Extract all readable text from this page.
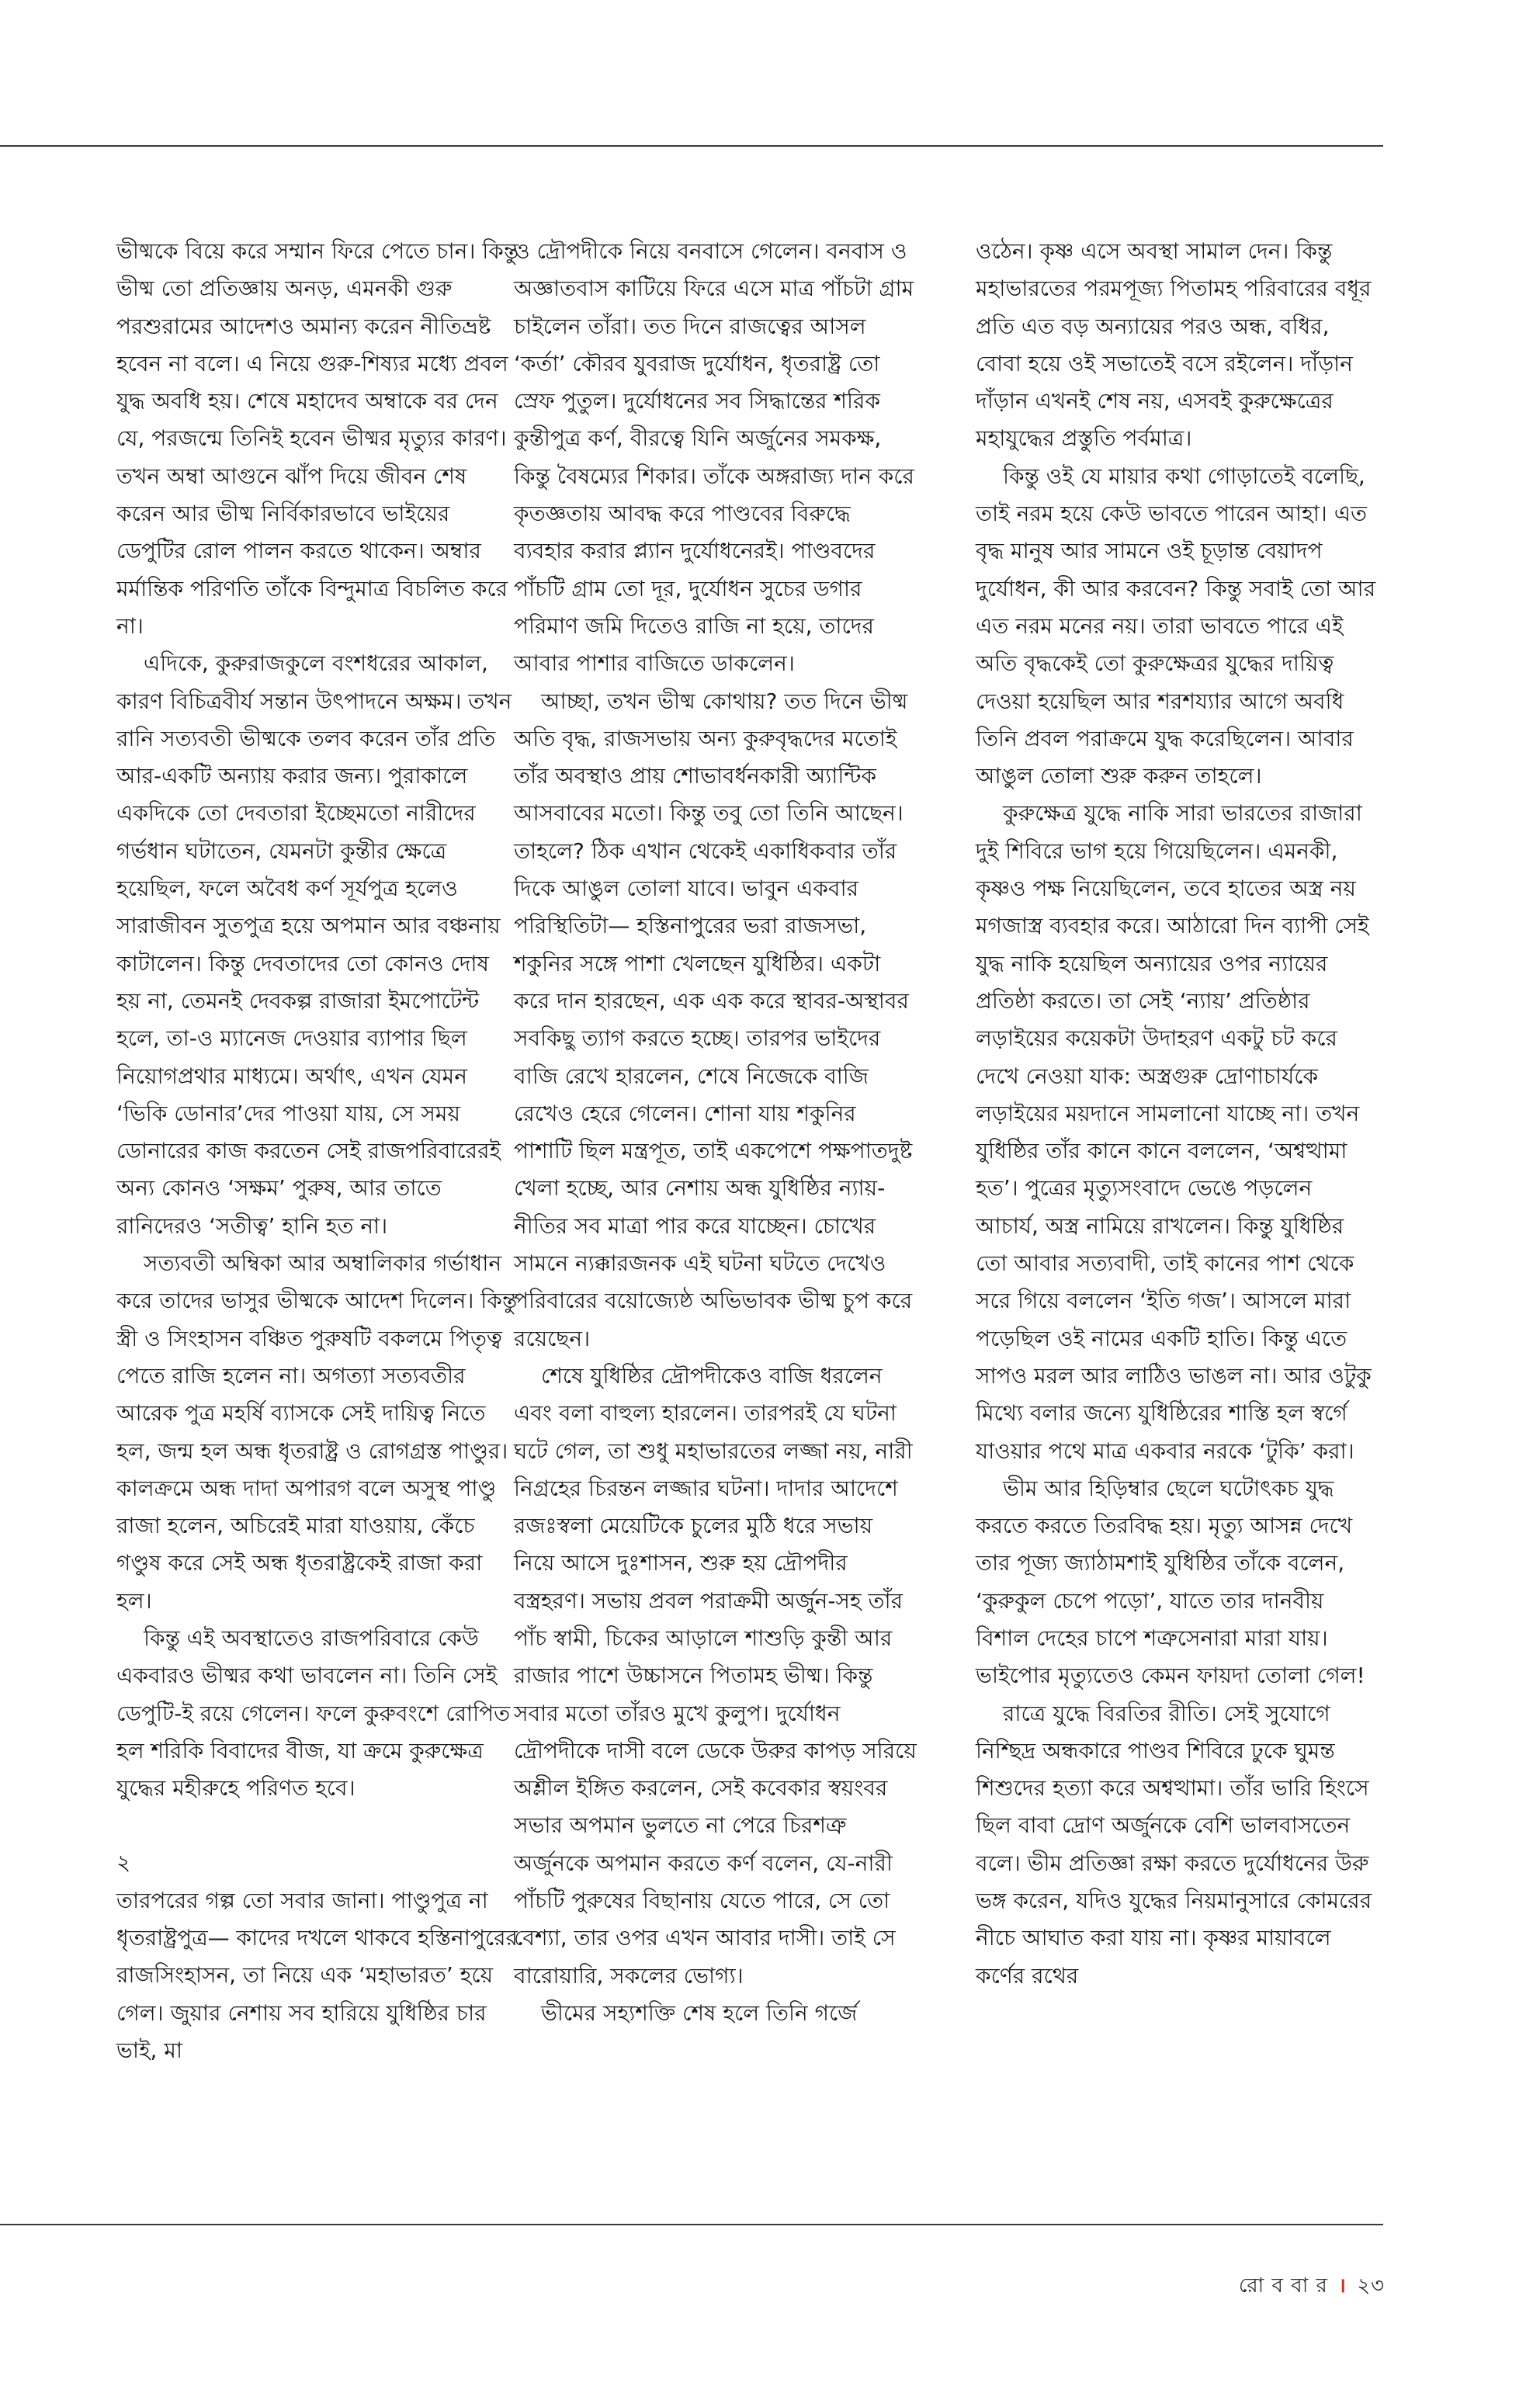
ভীষ্মকে বিয়ে করে সম্মান ফিরে পেতে চান। কিন্তু ভীষ্ম তো প্রতিজ্ঞায় অনড়, এমনকী গুরু পরশুরামের আদেশও অমান্য করেন নীতিভ্রষ্ট হবেন না বলে। এ নিয়ে গুরু-শিষ্যর মধ্যে প্রবল যুদ্ধ অবধি হয়। শেষে মহাদেব অম্বাকে বর দেন যে, পরজন্মে তিনিই হবেন ভীষ্মর মৃত্যুর কারণ। তখন অম্বা আগুনে ঝাঁপ দিয়ে জীবন শেষ করেন আর ভীষ্ম নির্বিকারভাবে ভাইয়ের ডেপুটির রোল পালন করতে থাকেন। অম্বার মর্মান্তিক পরিণতি তাঁকে বিন্দুমাত্র বিচলিত করে না।

এদিকে, কুরুরাজকুলে বংশধরের আকাল, কারণ বিচিত্রবীর্য সন্তান উৎপাদনে অক্ষম। তখন রানি সত্যবতী ভীষ্মকে তলব করেন তাঁর প্রতি আর-একটি অন্যায় করার জন্য। পুরাকালে একদিকে তো দেবতারা ইচ্ছেমতো নারীদের গর্ভধান ঘটাতেন, যেমনটা কুন্তীর ক্ষেত্রে হয়েছিল, ফলে অবৈধ কর্ণ সূর্যপুত্র হলেও সারাজীবন সুতপুত্র হয়ে অপমান আর বঞ্চনায় কাটালেন। কিন্তু দেবতাদের তো কোনও দোষ হয় না, তেমনই দেবকল্প রাজারা ইমপোটেন্ট হলে, তা-ও ম্যানেজ দেওয়ার ব্যাপার ছিল নিয়োগপ্রথার মাধ্যমে। অর্থাৎ, এখন যেমন ‘ভিকি ডোনার’দের পাওয়া যায়, সে সময় ডোনারের কাজ করতেন সেই রাজপরিবারেরই অন্য কোনও ‘সক্ষম’ পুরুষ, আর তাতে রানিদেরও ‘সতীত্ব’ হানি হত না।

সত্যবতী অম্বিকা আর অম্বালিকার গর্ভাধান করে তাদের ভাসুর ভীষ্মকে আদেশ দিলেন। কিন্তু স্ত্রী ও সিংহাসন বঞ্চিত পুরুষটি বকলমে পিতৃত্ব পেতে রাজি হলেন না। অগত্যা সত্যবতীর আরেক পুত্র মহর্ষি ব্যাসকে সেই দায়িত্ব নিতে হল, জন্ম হল অন্ধ ধৃতরাষ্ট্র ও রোগগ্রস্ত পাণ্ডুর। কালক্রমে অন্ধ দাদা অপারগ বলে অসুস্থ পাণ্ডু রাজা হলেন, অচিরেই মারা যাওয়ায়, কেঁচে গণ্ডুষ করে সেই অন্ধ ধৃতরাষ্ট্রকেই রাজা করা হল।

কিন্তু এই অবস্থাতেও রাজপরিবারে কেউ একবারও ভীষ্মর কথা ভাবলেন না। তিনি সেই ডেপুটি-ই রয়ে গেলেন। ফলে কুরুবংশে রোপিত হল শরিকি বিবাদের বীজ, যা ক্রমে কুরুক্ষেত্র যুদ্ধের মহীরুহে পরিণত হবে।

২

তারপরের গল্প তো সবার জানা। পাণ্ডুপুত্র না ধৃতরাষ্ট্রপুত্র— কাদের দখলে থাকবে হস্তিনাপুরের রাজসিংহাসন, তা নিয়ে এক ‘মহাভারত’ হয়ে গেল। জুয়ার নেশায় সব হারিয়ে যুধিষ্ঠির চার ভাই, মা

ও দ্রৌপদীকে নিয়ে বনবাসে গেলেন। বনবাস ও অজ্ঞাতবাস কাটিয়ে ফিরে এসে মাত্র পাঁচটা গ্রাম চাইলেন তাঁরা। তত দিনে রাজত্বের আসল ‘কর্তা’ কৌরব যুবরাজ দুর্যোধন, ধৃতরাষ্ট্র তো স্রেফ পুতুল। দুর্যোধনের সব সিদ্ধান্তের শরিক কুন্তীপুত্র কর্ণ, বীরত্বে যিনি অর্জুনের সমকক্ষ, কিন্তু বৈষম্যের শিকার। তাঁকে অঙ্গরাজ্য দান করে কৃতজ্ঞতায় আবদ্ধ করে পাণ্ডবের বিরুদ্ধে ব্যবহার করার প্ল্যান দুর্যোধনেরই। পাণ্ডবদের পাঁচটি গ্রাম তো দূর, দুর্যোধন সুচের ডগার পরিমাণ জমি দিতেও রাজি না হয়ে, তাদের আবার পাশার বাজিতে ডাকলেন।

আচ্ছা, তখন ভীষ্ম কোথায়? তত দিনে ভীষ্ম অতি বৃদ্ধ, রাজসভায় অন্য কুরুবৃদ্ধদের মতোই তাঁর অবস্থাও প্রায় শোভাবর্ধনকারী অ্যান্টিক আসবাবের মতো। কিন্তু তবু তো তিনি আছেন। তাহলে? ঠিক এখান থেকেই একাধিকবার তাঁর দিকে আঙুল তোলা যাবে। ভাবুন একবার পরিস্থিতিটা— হস্তিনাপুরের ভরা রাজসভা, শকুনির সঙ্গে পাশা খেলছেন যুধিষ্ঠির। একটা করে দান হারছেন, এক এক করে স্থাবর-অস্থাবর সবকিছু ত্যাগ করতে হচ্ছে। তারপর ভাইদের বাজি রেখে হারলেন, শেষে নিজেকে বাজি রেখেও হেরে গেলেন। শোনা যায় শকুনির পাশাটি ছিল মন্ত্রপূত, তাই একপেশে পক্ষপাতদুষ্ট খেলা হচ্ছে, আর নেশায় অন্ধ যুধিষ্ঠির ন্যায়-নীতির সব মাত্রা পার করে যাচ্ছেন। চোখের সামনে ন্যক্কারজনক এই ঘটনা ঘটতে দেখেও পরিবারের বয়োজ্যেষ্ঠ অভিভাবক ভীষ্ম চুপ করে রয়েছেন।

শেষে যুধিষ্ঠির দ্রৌপদীকেও বাজি ধরলেন এবং বলা বাহুল্য হারলেন। তারপরই যে ঘটনা ঘটে গেল, তা শুধু মহাভারতের লজ্জা নয়, নারী নিগ্রহের চিরন্তন লজ্জার ঘটনা। দাদার আদেশে রজঃস্বলা মেয়েটিকে চুলের মুঠি ধরে সভায় নিয়ে আসে দুঃশাসন, শুরু হয় দ্রৌপদীর বস্ত্রহরণ। সভায় প্রবল পরাক্রমী অর্জুন-সহ তাঁর পাঁচ স্বামী, চিকের আড়ালে শাশুড়ি কুন্তী আর রাজার পাশে উচ্চাসনে পিতামহ ভীষ্ম। কিন্তু সবার মতো তাঁরও মুখে কুলুপ। দুর্যোধন দ্রৌপদীকে দাসী বলে ডেকে উরুর কাপড় সরিয়ে অশ্লীল ইঙ্গিত করলেন, সেই কবেকার স্বয়ংবর সভার অপমান ভুলতে না পেরে চিরশত্রু অর্জুনকে অপমান করতে কর্ণ বলেন, যে-নারী পাঁচটি পুরুষের বিছানায় যেতে পারে, সে তো বেশ্যা, তার ওপর এখন আবার দাসী। তাই সে বারোয়ারি, সকলের ভোগ্য।

ভীমের সহ্যশক্তি শেষ হলে তিনি গর্জে

ওঠেন। কৃষ্ণ এসে অবস্থা সামাল দেন। কিন্তু মহাভারতের পরমপূজ্য পিতামহ পরিবারের বধূর প্রতি এত বড় অন্যায়ের পরও অন্ধ, বধির, বোবা হয়ে ওই সভাতেই বসে রইলেন। দাঁড়ান দাঁড়ান এখনই শেষ নয়, এসবই কুরুক্ষেত্রের মহাযুদ্ধের প্রস্তুতি পর্বমাত্র।

কিন্তু ওই যে মায়ার কথা গোড়াতেই বলেছি, তাই নরম হয়ে কেউ ভাবতে পারেন আহা। এত বৃদ্ধ মানুষ আর সামনে ওই চূড়ান্ত বেয়াদপ দুর্যোধন, কী আর করবেন? কিন্তু সবাই তো আর এত নরম মনের নয়। তারা ভাবতে পারে এই অতি বৃদ্ধকেই তো কুরুক্ষেত্রর যুদ্ধের দায়িত্ব দেওয়া হয়েছিল আর শরশয্যার আগে অবধি তিনি প্রবল পরাক্রমে যুদ্ধ করেছিলেন। আবার আঙুল তোলা শুরু করুন তাহলে।

কুরুক্ষেত্র যুদ্ধে নাকি সারা ভারতের রাজারা দুই শিবিরে ভাগ হয়ে গিয়েছিলেন। এমনকী, কৃষ্ণও পক্ষ নিয়েছিলেন, তবে হাতের অস্ত্র নয় মগজাস্ত্র ব্যবহার করে। আঠারো দিন ব্যাপী সেই যুদ্ধ নাকি হয়েছিল অন্যায়ের ওপর ন্যায়ের প্রতিষ্ঠা করতে। তা সেই ‘ন্যায়’ প্রতিষ্ঠার লড়াইয়ের কয়েকটা উদাহরণ একটু চট করে দেখে নেওয়া যাক: অস্ত্রগুরু দ্রোণাচার্যকে লড়াইয়ের ময়দানে সামলানো যাচ্ছে না। তখন যুধিষ্ঠির তাঁর কানে কানে বললেন, ‘অশ্বত্থামা হত’। পুত্রের মৃত্যুসংবাদে ভেঙে পড়লেন আচার্য, অস্ত্র নামিয়ে রাখলেন। কিন্তু যুধিষ্ঠির তো আবার সত্যবাদী, তাই কানের পাশ থেকে সরে গিয়ে বললেন ‘ইতি গজ’। আসলে মারা পড়েছিল ওই নামের একটি হাতি। কিন্তু এতে সাপও মরল আর লাঠিও ভাঙল না। আর ওটুকু মিথ্যে বলার জন্যে যুধিষ্ঠিরের শাস্তি হল স্বর্গে যাওয়ার পথে মাত্র একবার নরকে ‘টুকি’ করা।

ভীম আর হিড়িম্বার ছেলে ঘটোৎকচ যুদ্ধ করতে করতে তিরবিদ্ধ হয়। মৃত্যু আসন্ন দেখে তার পূজ্য জ্যাঠামশাই যুধিষ্ঠির তাঁকে বলেন, ‘কুরুকুল চেপে পড়ো’, যাতে তার দানবীয় বিশাল দেহের চাপে শত্রুসেনারা মারা যায়। ভাইপোর মৃত্যুতেও কেমন ফায়দা তোলা গেল!

রাত্রে যুদ্ধে বিরতির রীতি। সেই সুযোগে নিশ্ছিদ্র অন্ধকারে পাণ্ডব শিবিরে ঢুকে ঘুমন্ত শিশুদের হত্যা করে অশ্বত্থামা। তাঁর ভারি হিংসে ছিল বাবা দ্রোণ অর্জুনকে বেশি ভালবাসতেন বলে। ভীম প্রতিজ্ঞা রক্ষা করতে দুর্যোধনের উরু ভঙ্গ করেন, যদিও যুদ্ধের নিয়মানুসারে কোমরের নীচে আঘাত করা যায় না। কৃষ্ণর মায়াবলে কর্ণের রথের

রো ব বা র । ২৩
